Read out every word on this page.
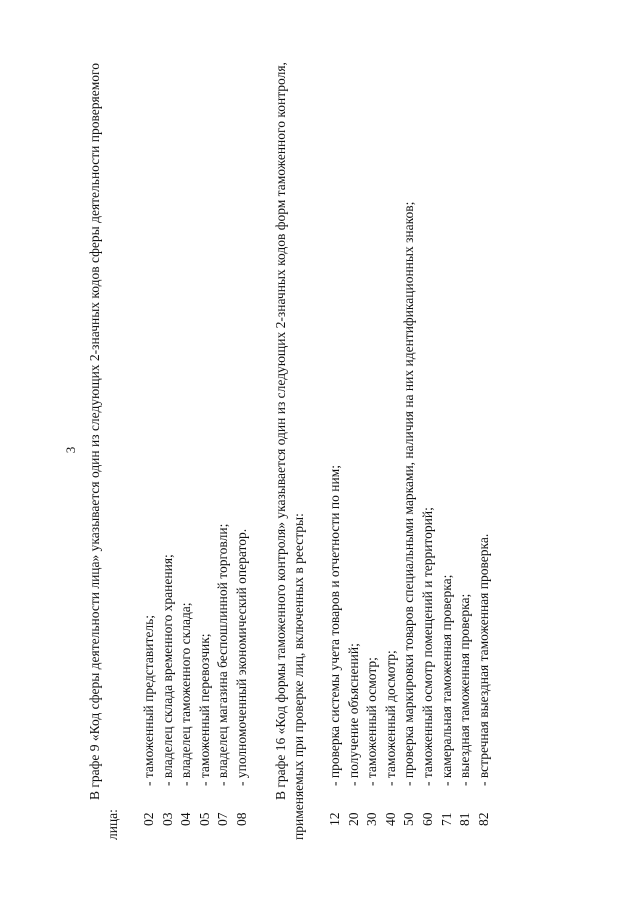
3 В графе 9 «Код сферы деятельности лица» указывается один из следующих 2-значных кодов сферы деятельности проверяемого лица: 02
- таможенный представитель;
03
- владелец склада временного хранения;
04
- владелец таможенного склада;
05
- таможенный перевозчик;
07
- владелец магазина беспошлинной торговли;
08
- уполномоченный экономический оператор. В графе 16 «Код формы таможенного контроля» указывается один из следующих 2-значных кодов форм таможенного контроля, применяемых при проверке лиц, включенных в реестры: 12
- проверка системы учета товаров и отчетности по ним;
20
- получение объяснений;
30
- таможенный осмотр;
40
- таможенный досмотр;
50
- проверка маркировки товаров специальными марками, наличия на них идентификационных знаков;
60
- таможенный осмотр помещений и территорий;
71
- камеральная таможенная проверка;
81
- выездная таможенная проверка;
82
- встречная выездная таможенная проверка.
